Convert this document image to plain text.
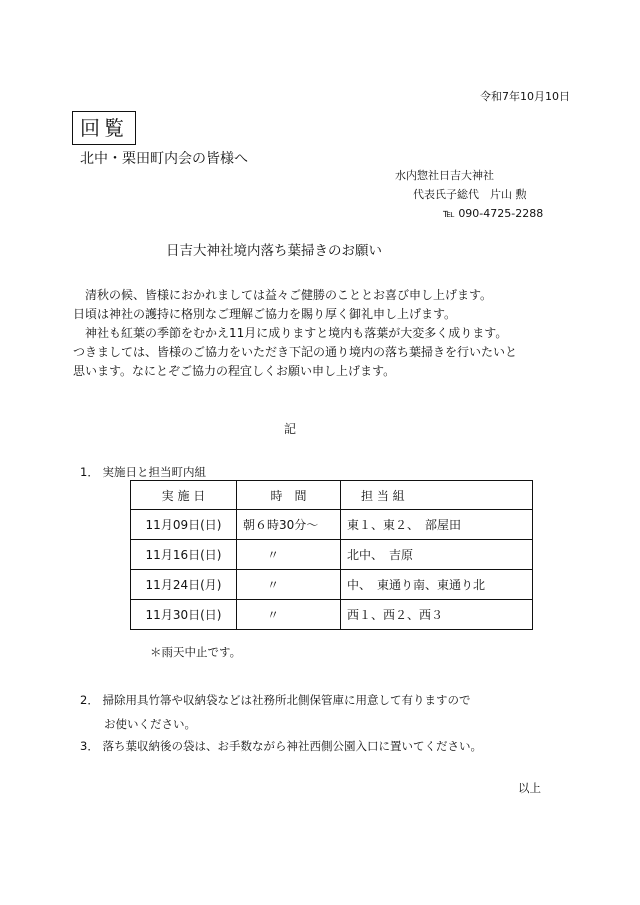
令和7年10月10日
回覧
北中・栗田町内会の皆様へ
水内惣社日吉大神社
代表氏子総代　片山 勲
℡ 090-4725-2288
日吉大神社境内落ち葉掃きのお願い
　清秋の候、皆様におかれましては益々ご健勝のこととお喜び申し上げます。
日頃は神社の護持に格別なご理解ご協力を賜り厚く御礼申し上げます。
　神社も紅葉の季節をむかえ11月に成りますと境内も落葉が大変多く成ります。
つきましては、皆様のご協力をいただき下記の通り境内の落ち葉掃きを行いたいと
思います。なにとぞご協力の程宜しくお願い申し上げます。
記
1． 実施日と担当町内組
実 施 日	時　間	担 当 組
11月09日(日)	朝６時30分～	東１、東２、　部屋田
11月16日(日)	〃	北中、　吉原
11月24日(月)	〃	中、　東通り南、東通り北
11月30日(日)	〃	西１、西２、西３
＊雨天中止です。
2． 掃除用具竹箒や収納袋などは社務所北側保管庫に用意して有りますので
お使いください。
3． 落ち葉収納後の袋は、お手数ながら神社西側公園入口に置いてください。
以上
